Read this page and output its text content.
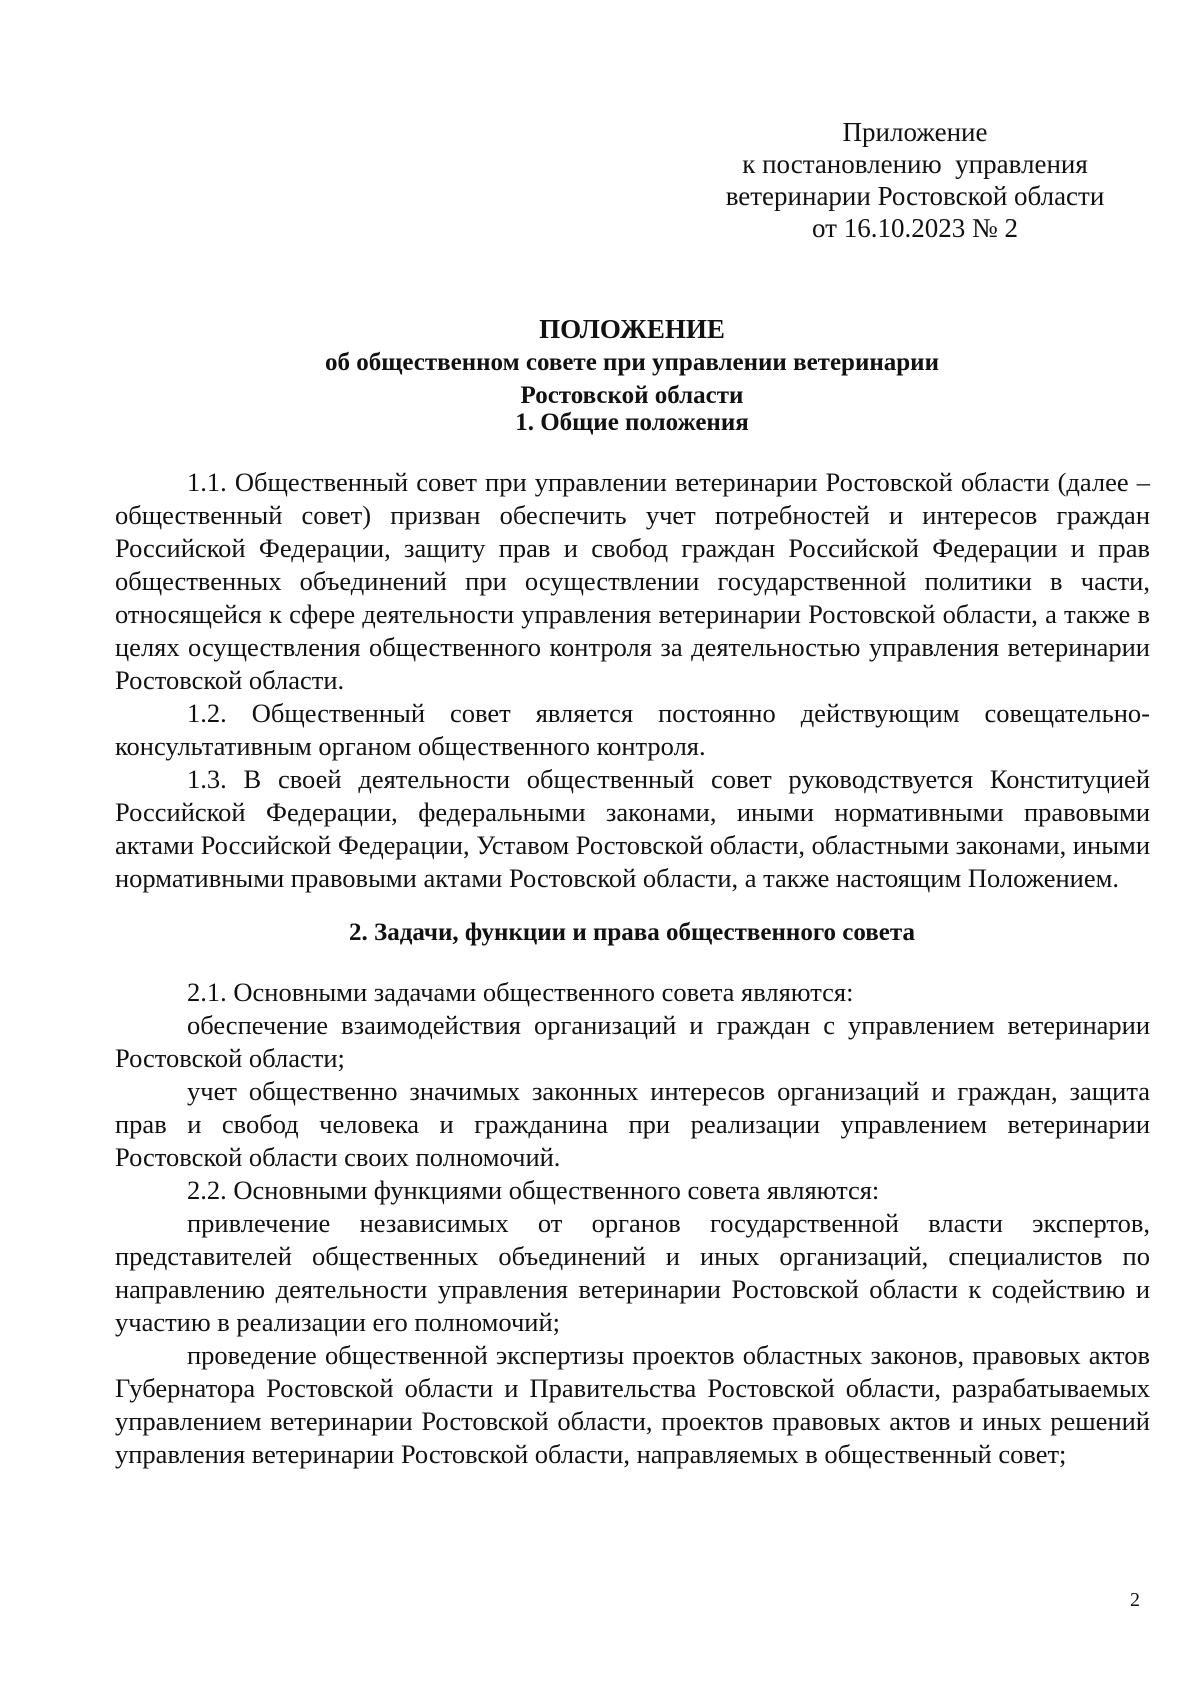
Приложение
к постановлению  управления
ветеринарии Ростовской области
от 16.10.2023 № 2
ПОЛОЖЕНИЕ
об общественном совете при управлении ветеринарии
Ростовской области
1. Общие положения

1.1. Общественный совет при управлении ветеринарии Ростовской области (далее – общественный совет) призван обеспечить учет потребностей и интересов граждан Российской Федерации, защиту прав и свобод граждан Российской Федерации и прав общественных объединений при осуществлении государственной политики в части, относящейся к сфере деятельности управления ветеринарии Ростовской области, а также в целях осуществления общественного контроля за деятельностью управления ветеринарии Ростовской области.

1.2. Общественный совет является постоянно действующим совещательно-консультативным органом общественного контроля.

1.3. В своей деятельности общественный совет руководствуется Конституцией Российской Федерации, федеральными законами, иными нормативными правовыми актами Российской Федерации, Уставом Ростовской области, областными законами, иными нормативными правовыми актами Ростовской области, а также настоящим Положением.

2. Задачи, функции и права общественного совета

2.1. Основными задачами общественного совета являются:

обеспечение взаимодействия организаций и граждан с управлением ветеринарии Ростовской области;

учет общественно значимых законных интересов организаций и граждан, защита прав и свобод человека и гражданина при реализации управлением ветеринарии Ростовской области своих полномочий.

2.2. Основными функциями общественного совета являются:

привлечение независимых от органов государственной власти экспертов, представителей общественных объединений и иных организаций, специалистов по направлению деятельности управления ветеринарии Ростовской области к содействию и участию в реализации его полномочий;

проведение общественной экспертизы проектов областных законов, правовых актов Губернатора Ростовской области и Правительства Ростовской области, разрабатываемых управлением ветеринарии Ростовской области, проектов правовых актов и иных решений управления ветеринарии Ростовской области, направляемых в общественный совет;

2
